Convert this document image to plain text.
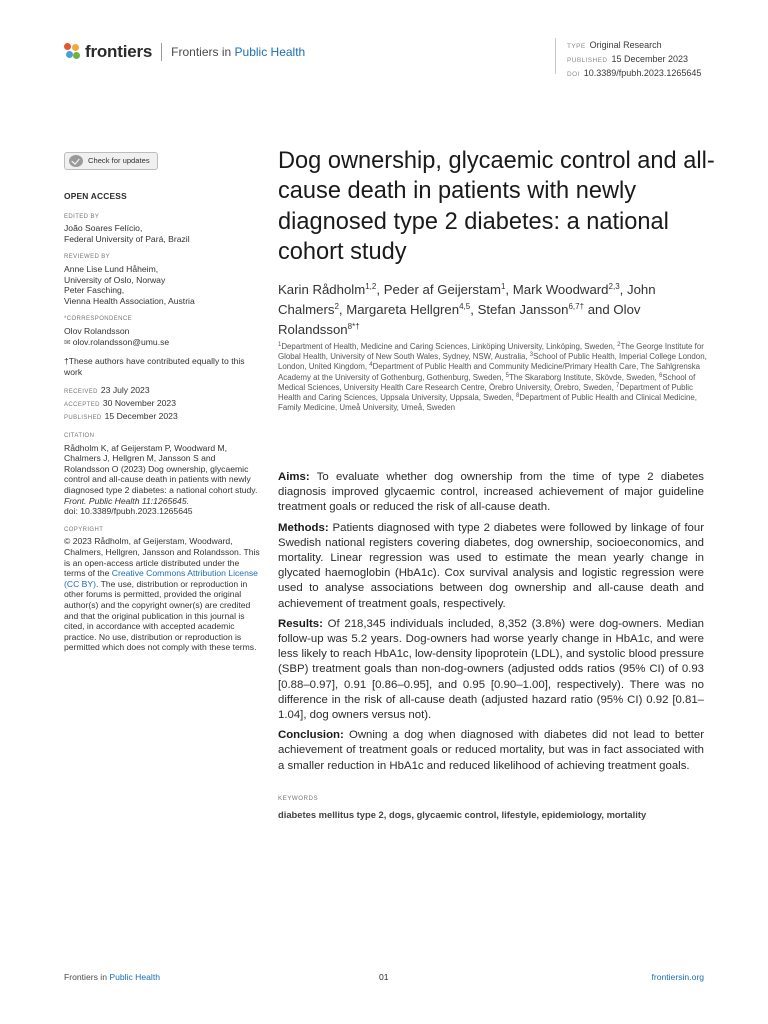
frontiers Frontiers in Public Health	TYPE Original Research
PUBLISHED 15 December 2023
DOI 10.3389/fpubh.2023.1265645
Check for updates
OPEN ACCESS
EDITED BY
João Soares Felício,
Federal University of Pará, Brazil
REVIEWED BY
Anne Lise Lund Håheim,
University of Oslo, Norway
Peter Fasching,
Vienna Health Association, Austria
*CORRESPONDENCE
Olov Rolandsson
✉ olov.rolandsson@umu.se
†These authors have contributed equally to this work
RECEIVED 23 July 2023
ACCEPTED 30 November 2023
PUBLISHED 15 December 2023
CITATION
Rådholm K, af Geijerstam P, Woodward M, Chalmers J, Hellgren M, Jansson S and Rolandsson O (2023) Dog ownership, glycaemic control and all-cause death in patients with newly diagnosed type 2 diabetes: a national cohort study.
Front. Public Health 11:1265645.
doi: 10.3389/fpubh.2023.1265645
COPYRIGHT
© 2023 Rådholm, af Geijerstam, Woodward, Chalmers, Hellgren, Jansson and Rolandsson. This is an open-access article distributed under the terms of the Creative Commons Attribution License (CC BY). The use, distribution or reproduction in other forums is permitted, provided the original author(s) and the copyright owner(s) are credited and that the original publication in this journal is cited, in accordance with accepted academic practice. No use, distribution or reproduction is permitted which does not comply with these terms.
Dog ownership, glycaemic control and all-cause death in patients with newly diagnosed type 2 diabetes: a national cohort study
Karin Rådholm$^{1,2}$, Peder af Geijerstam$^1$, Mark Woodward$^{2,3}$, John Chalmers$^2$, Margareta Hellgren$^{4,5}$, Stefan Jansson$^{6,7\dagger}$ and Olov Rolandsson$^{8*\dagger}$
$^1$Department of Health, Medicine and Caring Sciences, Linköping University, Linköping, Sweden, $^2$The George Institute for Global Health, University of New South Wales, Sydney, NSW, Australia, $^3$School of Public Health, Imperial College London, London, United Kingdom, $^4$Department of Public Health and Community Medicine/Primary Health Care, The Sahlgrenska Academy at the University of Gothenburg, Gothenburg, Sweden, $^5$The Skaraborg Institute, Skövde, Sweden, $^6$School of Medical Sciences, University Health Care Research Centre, Örebro University, Örebro, Sweden, $^7$Department of Public Health and Caring Sciences, Uppsala University, Uppsala, Sweden, $^8$Department of Public Health and Clinical Medicine, Family Medicine, Umeå University, Umeå, Sweden

Aims: To evaluate whether dog ownership from the time of type 2 diabetes diagnosis improved glycaemic control, increased achievement of major guideline treatment goals or reduced the risk of all-cause death.

Methods: Patients diagnosed with type 2 diabetes were followed by linkage of four Swedish national registers covering diabetes, dog ownership, socioeconomics, and mortality. Linear regression was used to estimate the mean yearly change in glycated haemoglobin (HbA1c). Cox survival analysis and logistic regression were used to analyse associations between dog ownership and all-cause death and achievement of treatment goals, respectively.

Results: Of 218,345 individuals included, 8,352 (3.8%) were dog-owners. Median follow-up was 5.2 years. Dog-owners had worse yearly change in HbA1c, and were less likely to reach HbA1c, low-density lipoprotein (LDL), and systolic blood pressure (SBP) treatment goals than non-dog-owners (adjusted odds ratios (95% CI) of 0.93 [0.88–0.97], 0.91 [0.86–0.95], and 0.95 [0.90–1.00], respectively). There was no difference in the risk of all-cause death (adjusted hazard ratio (95% CI) 0.92 [0.81–1.04], dog owners versus not).

Conclusion: Owning a dog when diagnosed with diabetes did not lead to better achievement of treatment goals or reduced mortality, but was in fact associated with a smaller reduction in HbA1c and reduced likelihood of achieving treatment goals.

KEYWORDS
diabetes mellitus type 2, dogs, glycaemic control, lifestyle, epidemiology, mortality
Frontiers in Public Health	01	frontiersin.org
